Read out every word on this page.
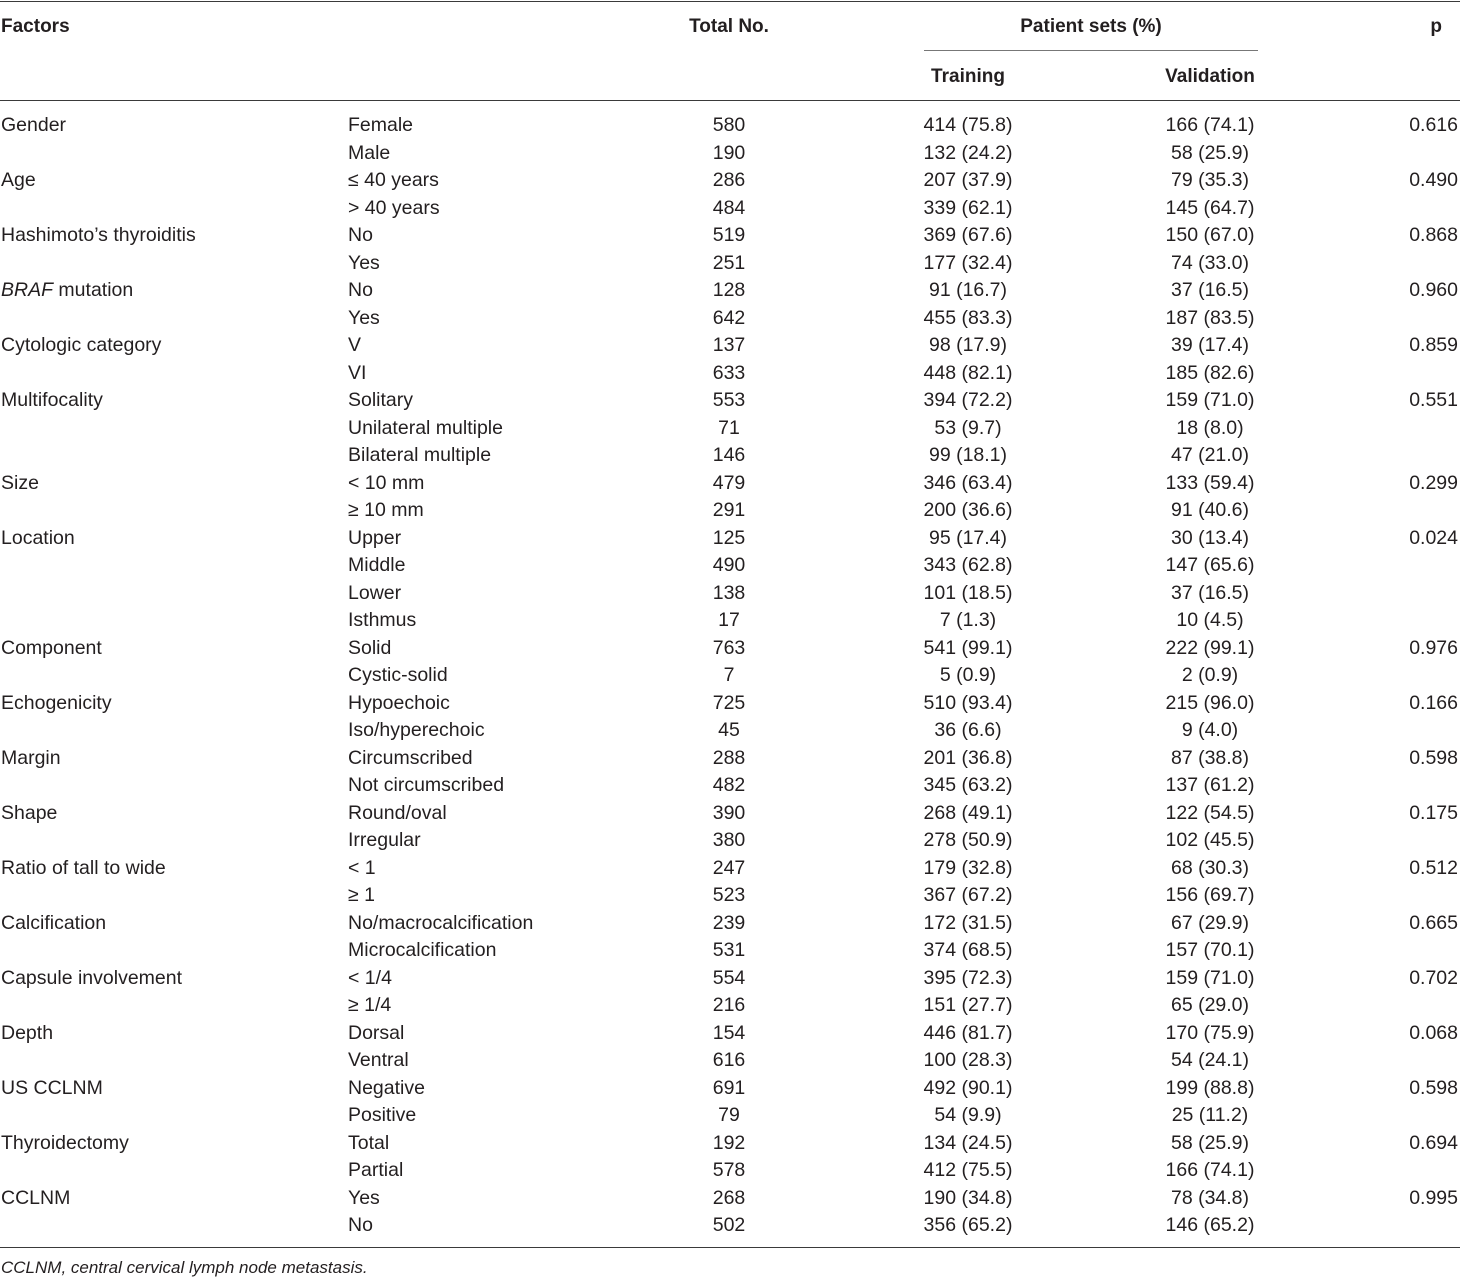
Factors	Total No.	Patient sets (%)	p
Training	Validation
Gender	Female	580	414 (75.8)	166 (74.1)	0.616
Male	190	132 (24.2)	58 (25.9)
Age	≤ 40 years	286	207 (37.9)	79 (35.3)	0.490
> 40 years	484	339 (62.1)	145 (64.7)
Hashimoto’s thyroiditis	No	519	369 (67.6)	150 (67.0)	0.868
Yes	251	177 (32.4)	74 (33.0)
BRAF mutation	No	128	91 (16.7)	37 (16.5)	0.960
Yes	642	455 (83.3)	187 (83.5)
Cytologic category	V	137	98 (17.9)	39 (17.4)	0.859
VI	633	448 (82.1)	185 (82.6)
Multifocality	Solitary	553	394 (72.2)	159 (71.0)	0.551
Unilateral multiple	71	53 (9.7)	18 (8.0)
Bilateral multiple	146	99 (18.1)	47 (21.0)
Size	< 10 mm	479	346 (63.4)	133 (59.4)	0.299
≥ 10 mm	291	200 (36.6)	91 (40.6)
Location	Upper	125	95 (17.4)	30 (13.4)	0.024
Middle	490	343 (62.8)	147 (65.6)
Lower	138	101 (18.5)	37 (16.5)
Isthmus	17	7 (1.3)	10 (4.5)
Component	Solid	763	541 (99.1)	222 (99.1)	0.976
Cystic-solid	7	5 (0.9)	2 (0.9)
Echogenicity	Hypoechoic	725	510 (93.4)	215 (96.0)	0.166
Iso/hyperechoic	45	36 (6.6)	9 (4.0)
Margin	Circumscribed	288	201 (36.8)	87 (38.8)	0.598
Not circumscribed	482	345 (63.2)	137 (61.2)
Shape	Round/oval	390	268 (49.1)	122 (54.5)	0.175
Irregular	380	278 (50.9)	102 (45.5)
Ratio of tall to wide	< 1	247	179 (32.8)	68 (30.3)	0.512
≥ 1	523	367 (67.2)	156 (69.7)
Calcification	No/macrocalcification	239	172 (31.5)	67 (29.9)	0.665
Microcalcification	531	374 (68.5)	157 (70.1)
Capsule involvement	< 1/4	554	395 (72.3)	159 (71.0)	0.702
≥ 1/4	216	151 (27.7)	65 (29.0)
Depth	Dorsal	154	446 (81.7)	170 (75.9)	0.068
Ventral	616	100 (28.3)	54 (24.1)
US CCLNM	Negative	691	492 (90.1)	199 (88.8)	0.598
Positive	79	54 (9.9)	25 (11.2)
Thyroidectomy	Total	192	134 (24.5)	58 (25.9)	0.694
Partial	578	412 (75.5)	166 (74.1)
CCLNM	Yes	268	190 (34.8)	78 (34.8)	0.995
No	502	356 (65.2)	146 (65.2)
CCLNM, central cervical lymph node metastasis.
